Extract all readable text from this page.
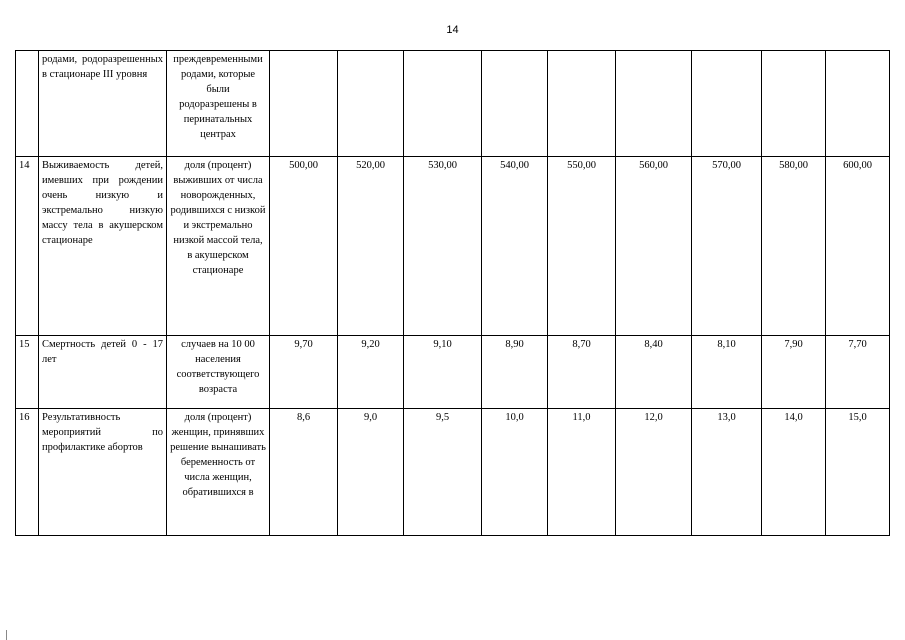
14
	родами, родоразрешенных в стационаре III уровня	преждевременными родами, которые были родоразрешены в перинатальных центрах									
14	Выживаемость детей, имевших при рождении очень низкую и экстремально низкую массу тела в акушерском стационаре	доля (процент) выживших от числа новорожденных, родившихся с низкой и экстремально низкой массой тела, в акушерском стационаре	500,00	520,00	530,00	540,00	550,00	560,00	570,00	580,00	600,00
15	Смертность детей 0 - 17 лет	случаев на 10 00 населения соответствующего возраста	9,70	9,20	9,10	8,90	8,70	8,40	8,10	7,90	7,70
16	Результативность мероприятий по профилактике абортов	доля (процент) женщин, принявших решение вынашивать беременность от числа женщин, обратившихся в	8,6	9,0	9,5	10,0	11,0	12,0	13,0	14,0	15,0
